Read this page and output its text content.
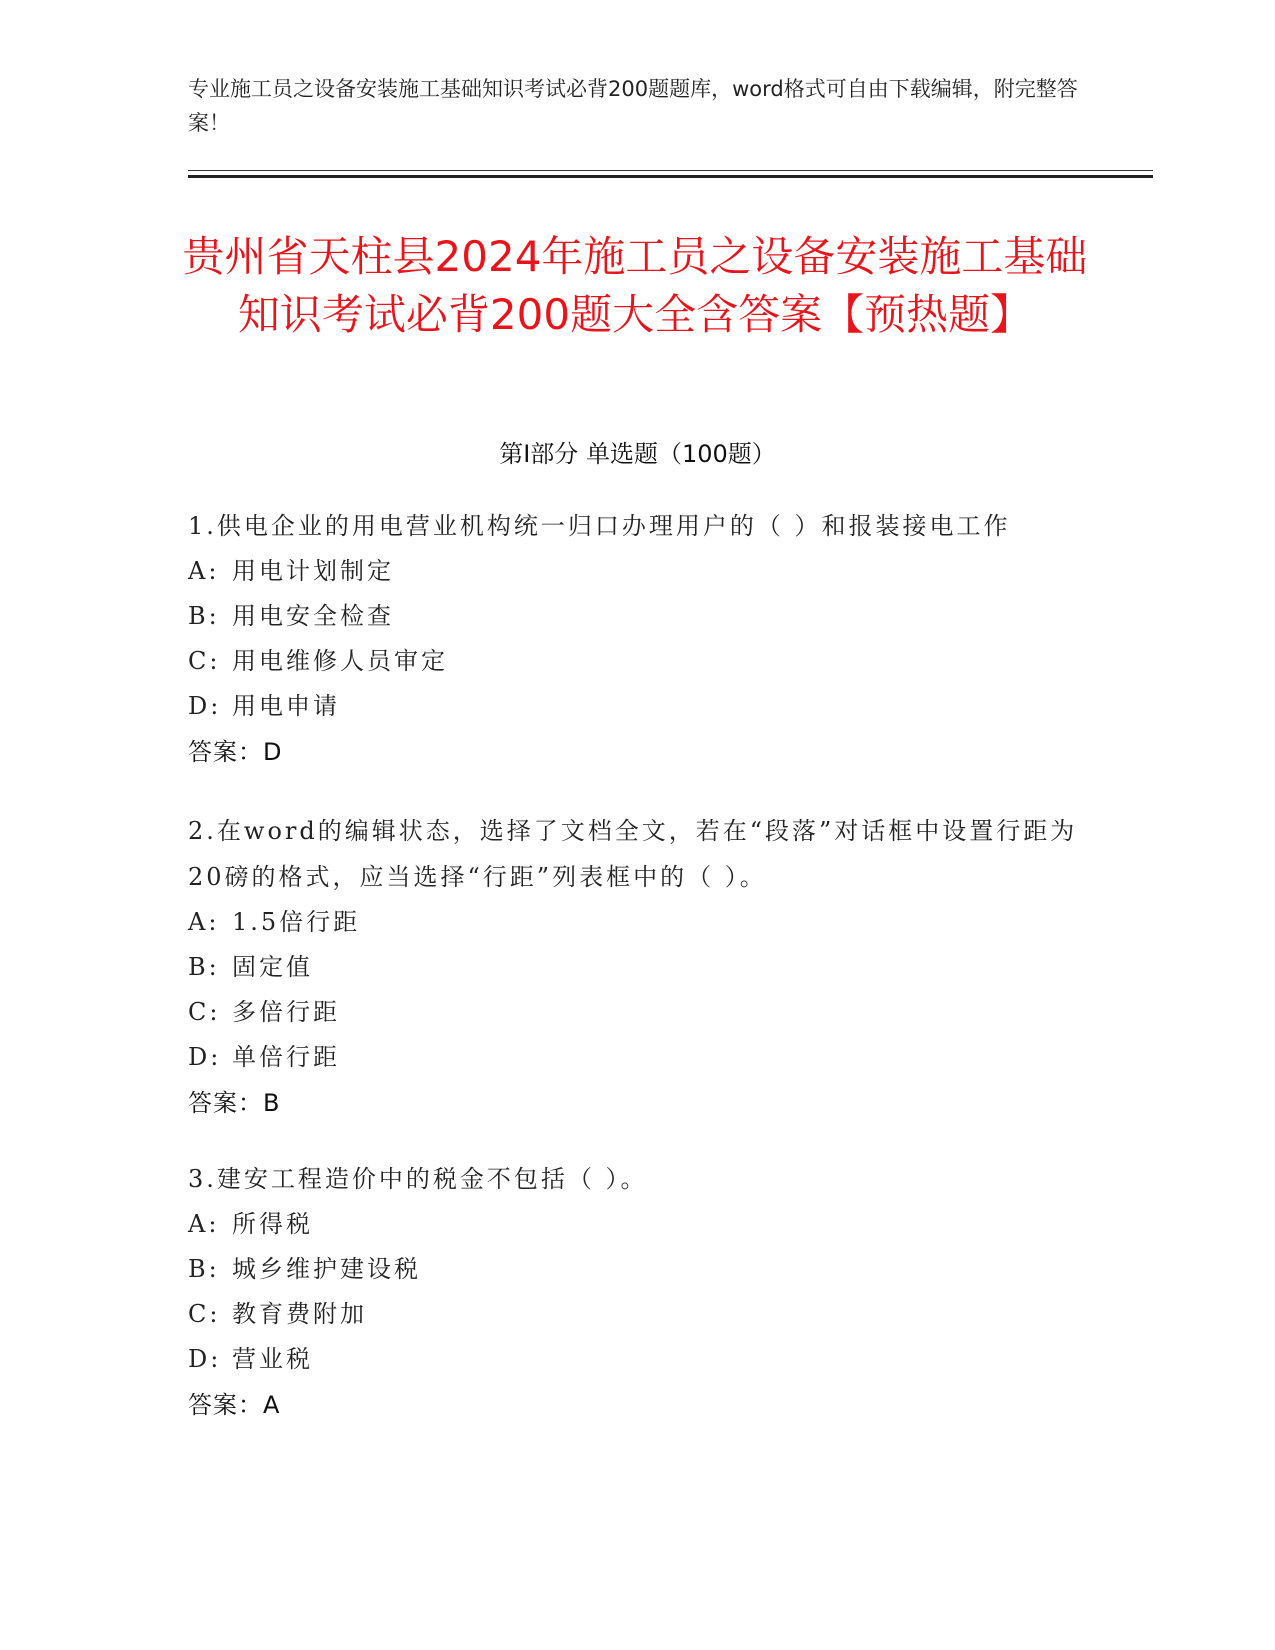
专业施工员之设备安装施工基础知识考试必背200题题库，word格式可自由下载编辑，附完整答案！
贵州省天柱县2024年施工员之设备安装施工基础知识考试必背200题大全含答案【预热题】
第I部分 单选题（100题）
1.供电企业的用电营业机构统一归口办理用户的（ ）和报装接电工作
A: 用电计划制定
B: 用电安全检查
C: 用电维修人员审定
D: 用电申请
答案：D
2.在word的编辑状态，选择了文档全文，若在“段落”对话框中设置行距为20磅的格式，应当选择“行距”列表框中的（ ）。
A: 1.5倍行距
B: 固定值
C: 多倍行距
D: 单倍行距
答案：B
3.建安工程造价中的税金不包括（ ）。
A: 所得税
B: 城乡维护建设税
C: 教育费附加
D: 营业税
答案：A
